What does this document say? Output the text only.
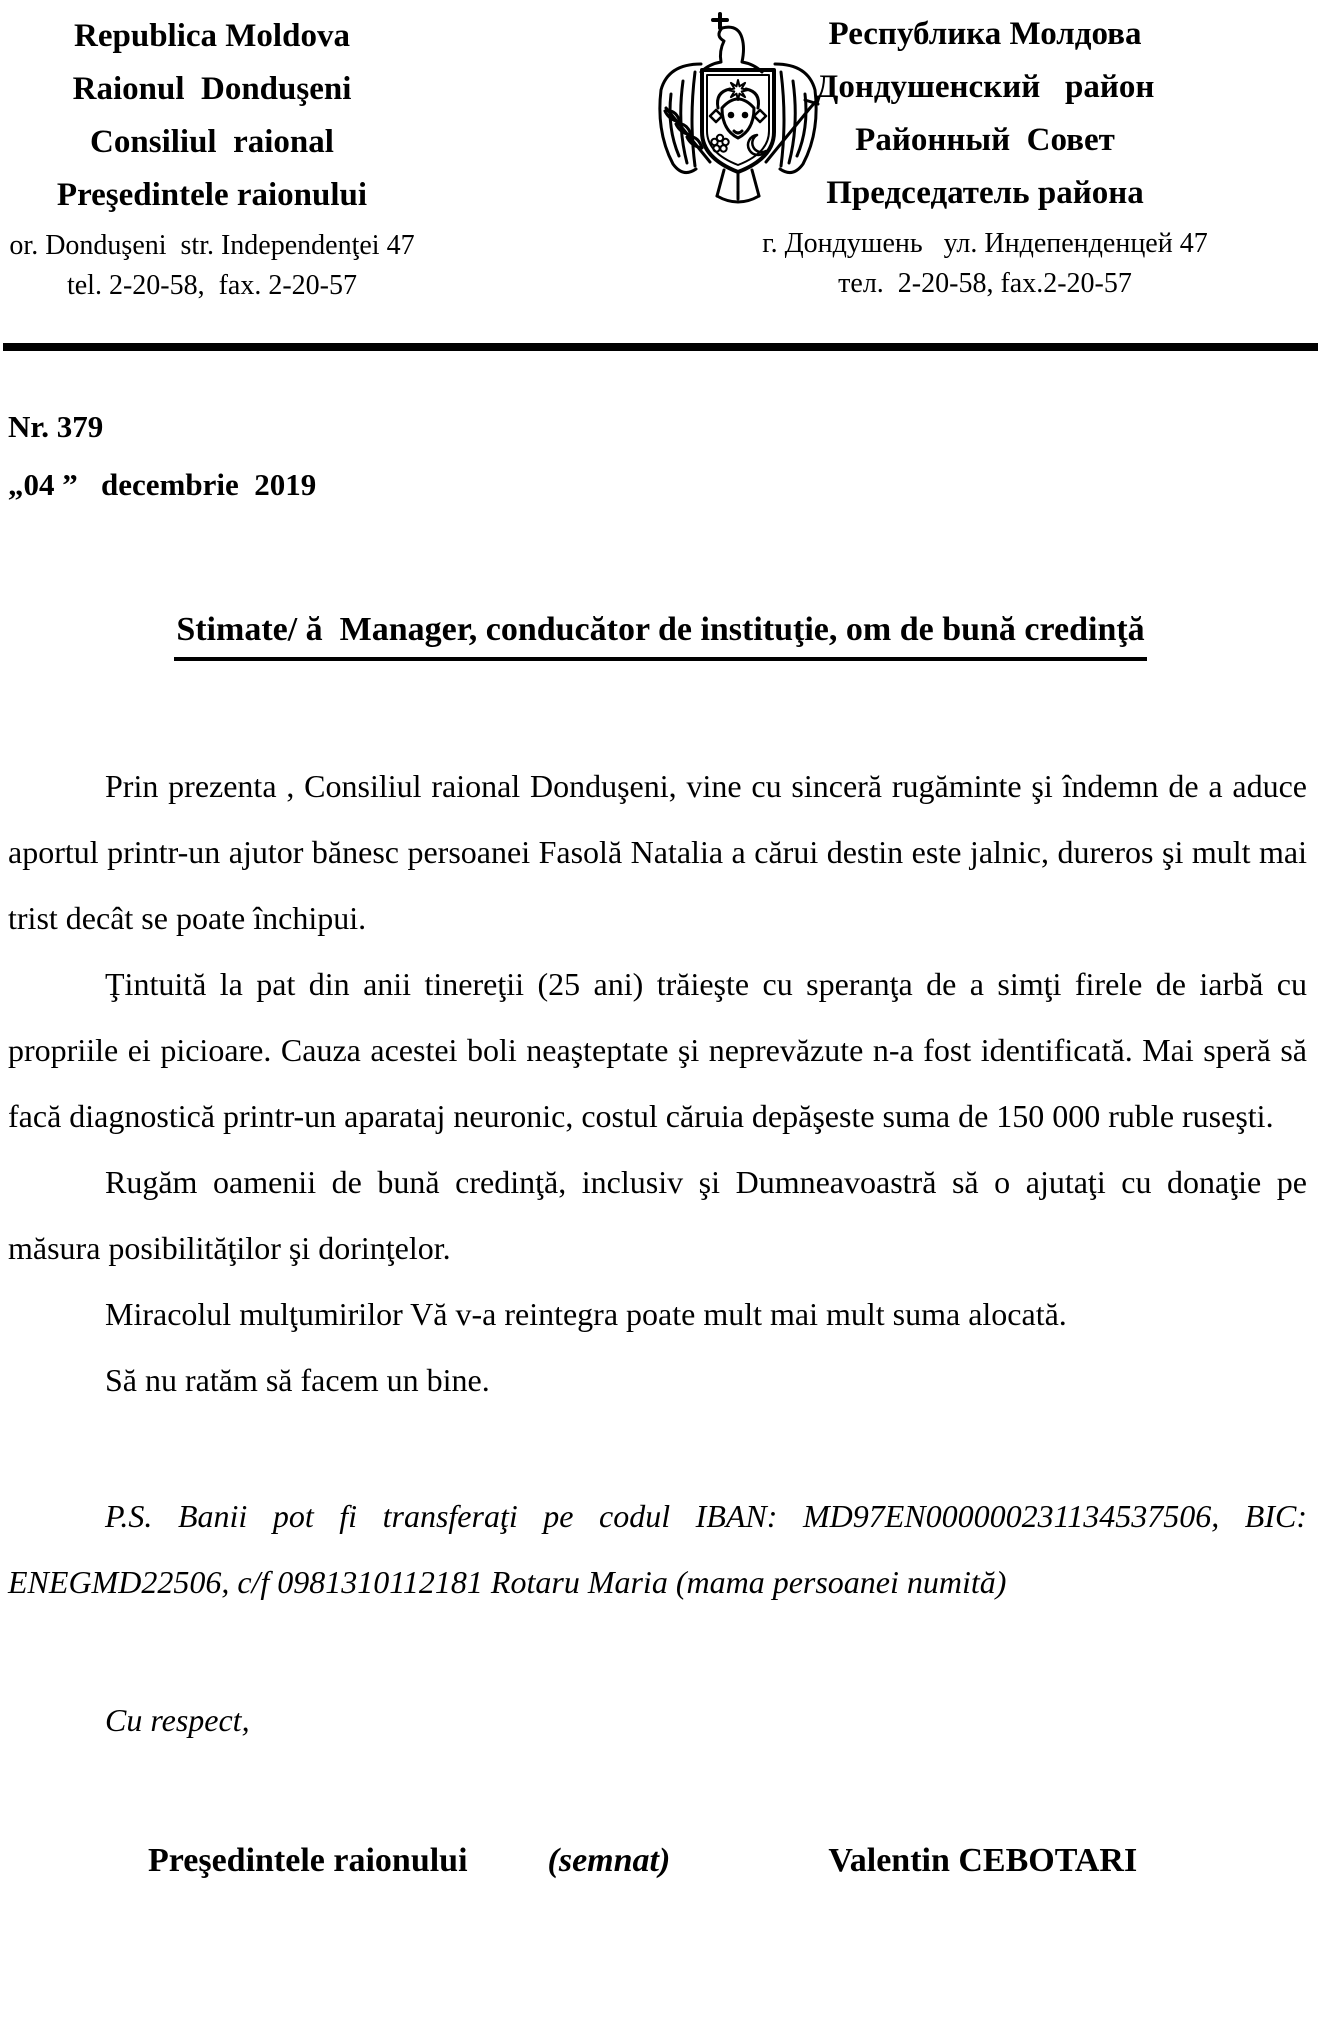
Republica Moldova
Raionul  Donduşeni
Consiliul  raional
Preşedintele raionului
or. Donduşeni  str. Independenţei 47
tel. 2-20-58,  fax. 2-20-57
Республика Молдова
Дондушенский   район
Районный  Совет
Председатель района
г. Дондушень   ул. Индепенденцей 47
тел.  2-20-58, fax.2-20-57
Nr. 379
„04 ”   decembrie  2019
Stimate/ ă  Manager, conducător de instituţie, om de bună credinţă

Prin prezenta , Consiliul raional Donduşeni, vine cu sinceră rugăminte şi îndemn de a aduce aportul printr-un ajutor bănesc persoanei Fasolă Natalia a cărui destin este jalnic, dureros şi mult mai trist decât se poate închipui.

Ţintuită la pat din anii tinereţii (25 ani) trăieşte cu speranţa de a simţi firele de iarbă cu propriile ei picioare. Cauza acestei boli neaşteptate şi neprevăzute n-a fost identificată. Mai speră să facă diagnostică printr-un aparataj neuronic, costul căruia depăşeste suma de 150 000 ruble ruseşti.

Rugăm oamenii de bună credinţă, inclusiv şi Dumneavoastră să o ajutaţi cu donaţie pe măsura posibilităţilor şi dorinţelor.

Miracolul mulţumirilor Vă v-a reintegra poate mult mai mult suma alocată.

Să nu ratăm să facem un bine.

P.S. Banii pot fi transferaţi pe codul IBAN: MD97EN000000231134537506, BIC: ENEGMD22506, c/f 0981310112181 Rotaru Maria (mama persoanei numită)

Cu respect,

Preşedintele raionului (semnat)	Valentin CEBOTARI
